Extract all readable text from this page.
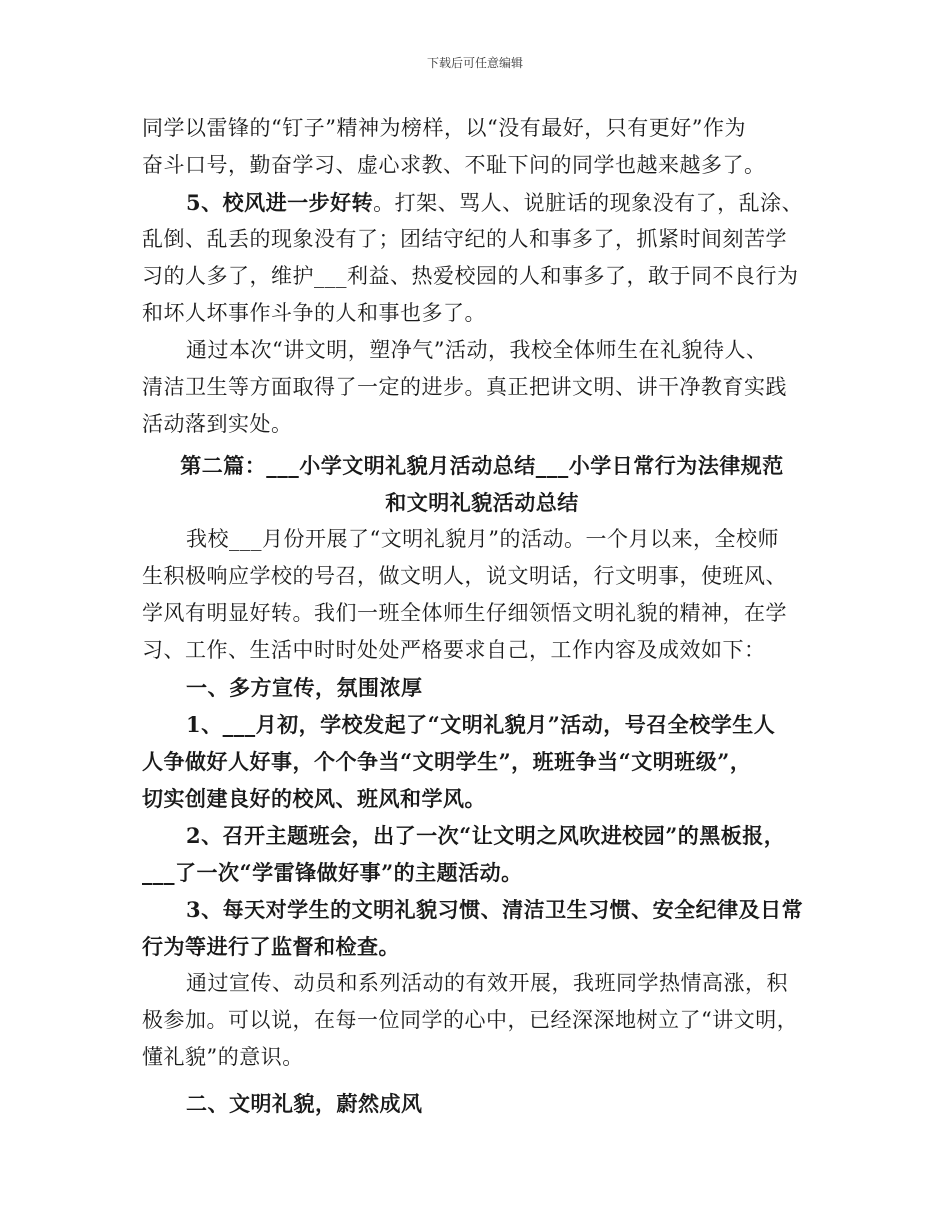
下载后可任意编辑
同学以雷锋的“钉子”精神为榜样，以“没有最好，只有更好”作为
奋斗口号，勤奋学习、虚心求教、不耻下问的同学也越来越多了。
5、校风进一步好转。打架、骂人、说脏话的现象没有了，乱涂、
乱倒、乱丢的现象没有了；团结守纪的人和事多了，抓紧时间刻苦学
习的人多了，维护___利益、热爱校园的人和事多了，敢于同不良行为
和坏人坏事作斗争的人和事也多了。
通过本次“讲文明，塑净气”活动，我校全体师生在礼貌待人、
清洁卫生等方面取得了一定的进步。真正把讲文明、讲干净教育实践
活动落到实处。
第二篇：___小学文明礼貌月活动总结___小学日常行为法律规范
和文明礼貌活动总结
我校___月份开展了“文明礼貌月”的活动。一个月以来，全校师
生积极响应学校的号召，做文明人，说文明话，行文明事，使班风、
学风有明显好转。我们一班全体师生仔细领悟文明礼貌的精神，在学
习、工作、生活中时时处处严格要求自己，工作内容及成效如下：
一、多方宣传，氛围浓厚
1、___月初，学校发起了“文明礼貌月”活动，号召全校学生人
人争做好人好事，个个争当“文明学生”，班班争当“文明班级”，
切实创建良好的校风、班风和学风。
2、召开主题班会，出了一次“让文明之风吹进校园”的黑板报，
___了一次“学雷锋做好事”的主题活动。
3、每天对学生的文明礼貌习惯、清洁卫生习惯、安全纪律及日常
行为等进行了监督和检查。
通过宣传、动员和系列活动的有效开展，我班同学热情高涨，积
极参加。可以说，在每一位同学的心中，已经深深地树立了“讲文明，
懂礼貌”的意识。
二、文明礼貌，蔚然成风
